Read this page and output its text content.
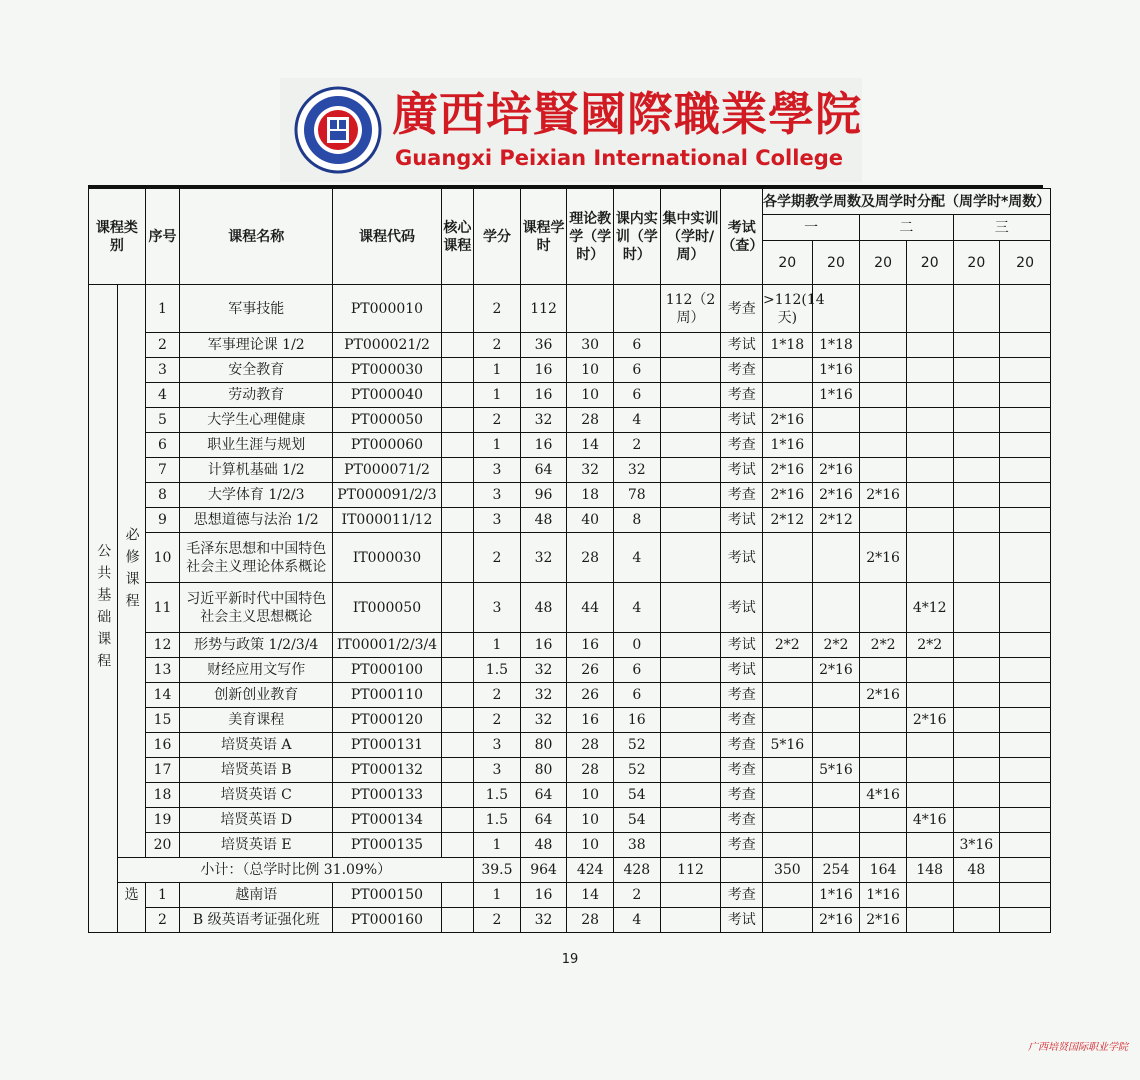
廣西培賢國際職業學院
Guangxi Peixian International College
课程类别		序号	课程名称	课程代码	核心课程	学分	课程学时	理论教学（学时）	课内实训（学时）	集中实训（学时/周）	考试（查）	各学期教学周数及周学时分配（周学时*周数）					
												一		二		三	
												20	20	20	20	20	20
公共基础课程	必修课程	1	军事技能	PT000010		2	112			112（2周）	考查	>112(14天)					
		2	军事理论课 1/2	PT000021/2		2	36	30	6		考试	1*18	1*18				
		3	安全教育	PT000030		1	16	10	6		考查		1*16				
		4	劳动教育	PT000040		1	16	10	6		考查		1*16				
		5	大学生心理健康	PT000050		2	32	28	4		考试	2*16					
		6	职业生涯与规划	PT000060		1	16	14	2		考查	1*16					
		7	计算机基础 1/2	PT000071/2		3	64	32	32		考试	2*16	2*16				
		8	大学体育 1/2/3	PT000091/2/3		3	96	18	78		考查	2*16	2*16	2*16			
		9	思想道德与法治 1/2	IT000011/12		3	48	40	8		考试	2*12	2*12				
		10	毛泽东思想和中国特色社会主义理论体系概论	IT000030		2	32	28	4		考试			2*16			
		11	习近平新时代中国特色社会主义思想概论	IT000050		3	48	44	4		考试				4*12		
		12	形势与政策 1/2/3/4	IT00001/2/3/4		1	16	16	0		考试	2*2	2*2	2*2	2*2		
		13	财经应用文写作	PT000100		1.5	32	26	6		考试		2*16				
		14	创新创业教育	PT000110		2	32	26	6		考查			2*16			
		15	美育课程	PT000120		2	32	16	16		考查				2*16		
		16	培贤英语 A	PT000131		3	80	28	52		考查	5*16					
		17	培贤英语 B	PT000132		3	80	28	52		考查		5*16				
		18	培贤英语 C	PT000133		1.5	64	10	54		考查			4*16			
		19	培贤英语 D	PT000134		1.5	64	10	54		考查				4*16		
		20	培贤英语 E	PT000135		1	48	10	38		考查					3*16	
	小计：（总学时比例 31.09%）					39.5	964	424	428	112		350	254	164	148	48	
	选	1	越南语	PT000150		1	16	14	2		考查		1*16	1*16			
		2	B 级英语考证强化班	PT000160		2	32	28	4		考试		2*16	2*16			
19
广西培贤国际职业学院
